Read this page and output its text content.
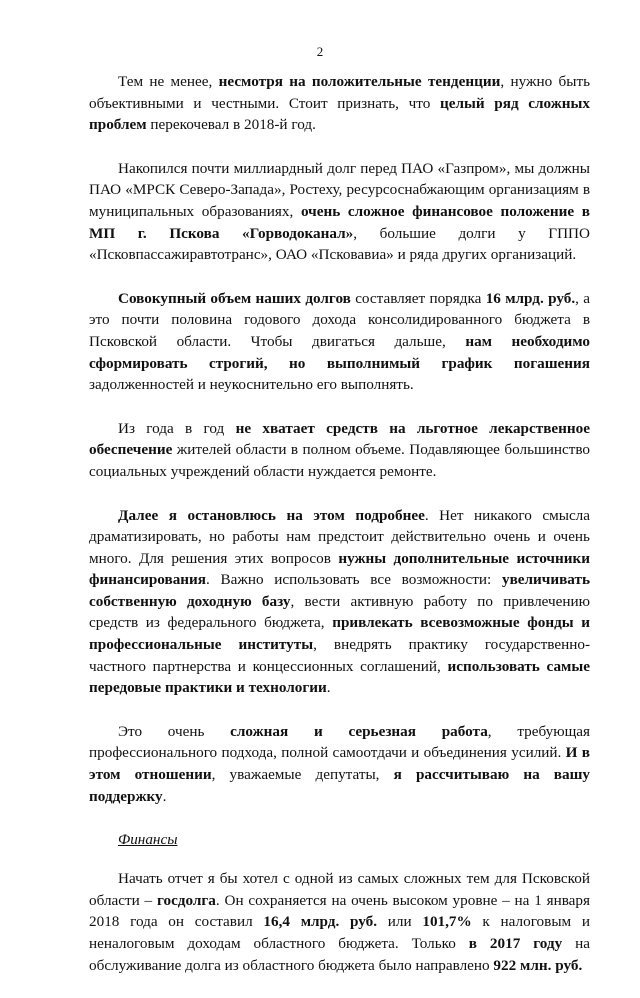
2

Тем не менее, несмотря на положительные тенденции, нужно быть объективными и честными. Стоит признать, что целый ряд сложных проблем перекочевал в 2018-й год.

Накопился почти миллиардный долг перед ПАО «Газпром», мы должны ПАО «МРСК Северо-Запада», Ростеху, ресурсоснабжающим организациям в муниципальных образованиях, очень сложное финансовое положение в МП г. Пскова «Горводоканал», большие долги у ГППО «Псковпассажиравтотранс», ОАО «Псковавиа» и ряда других организаций.

Совокупный объем наших долгов составляет порядка 16 млрд. руб., а это почти половина годового дохода консолидированного бюджета в Псковской области. Чтобы двигаться дальше, нам необходимо сформировать строгий, но выполнимый график погашения задолженностей и неукоснительно его выполнять.

Из года в год не хватает средств на льготное лекарственное обеспечение жителей области в полном объеме. Подавляющее большинство социальных учреждений области нуждается ремонте.

Далее я остановлюсь на этом подробнее. Нет никакого смысла драматизировать, но работы нам предстоит действительно очень и очень много. Для решения этих вопросов нужны дополнительные источники финансирования. Важно использовать все возможности: увеличивать собственную доходную базу, вести активную работу по привлечению средств из федерального бюджета, привлекать всевозможные фонды и профессиональные институты, внедрять практику государственно-частного партнерства и концессионных соглашений, использовать самые передовые практики и технологии.

Это очень сложная и серьезная работа, требующая профессионального подхода, полной самоотдачи и объединения усилий. И в этом отношении, уважаемые депутаты, я рассчитываю на вашу поддержку.

Финансы

Начать отчет я бы хотел с одной из самых сложных тем для Псковской области – госдолга. Он сохраняется на очень высоком уровне – на 1 января 2018 года он составил 16,4 млрд. руб. или 101,7% к налоговым и неналоговым доходам областного бюджета. Только в 2017 году на обслуживание долга из областного бюджета было направлено 922 млн. руб.
